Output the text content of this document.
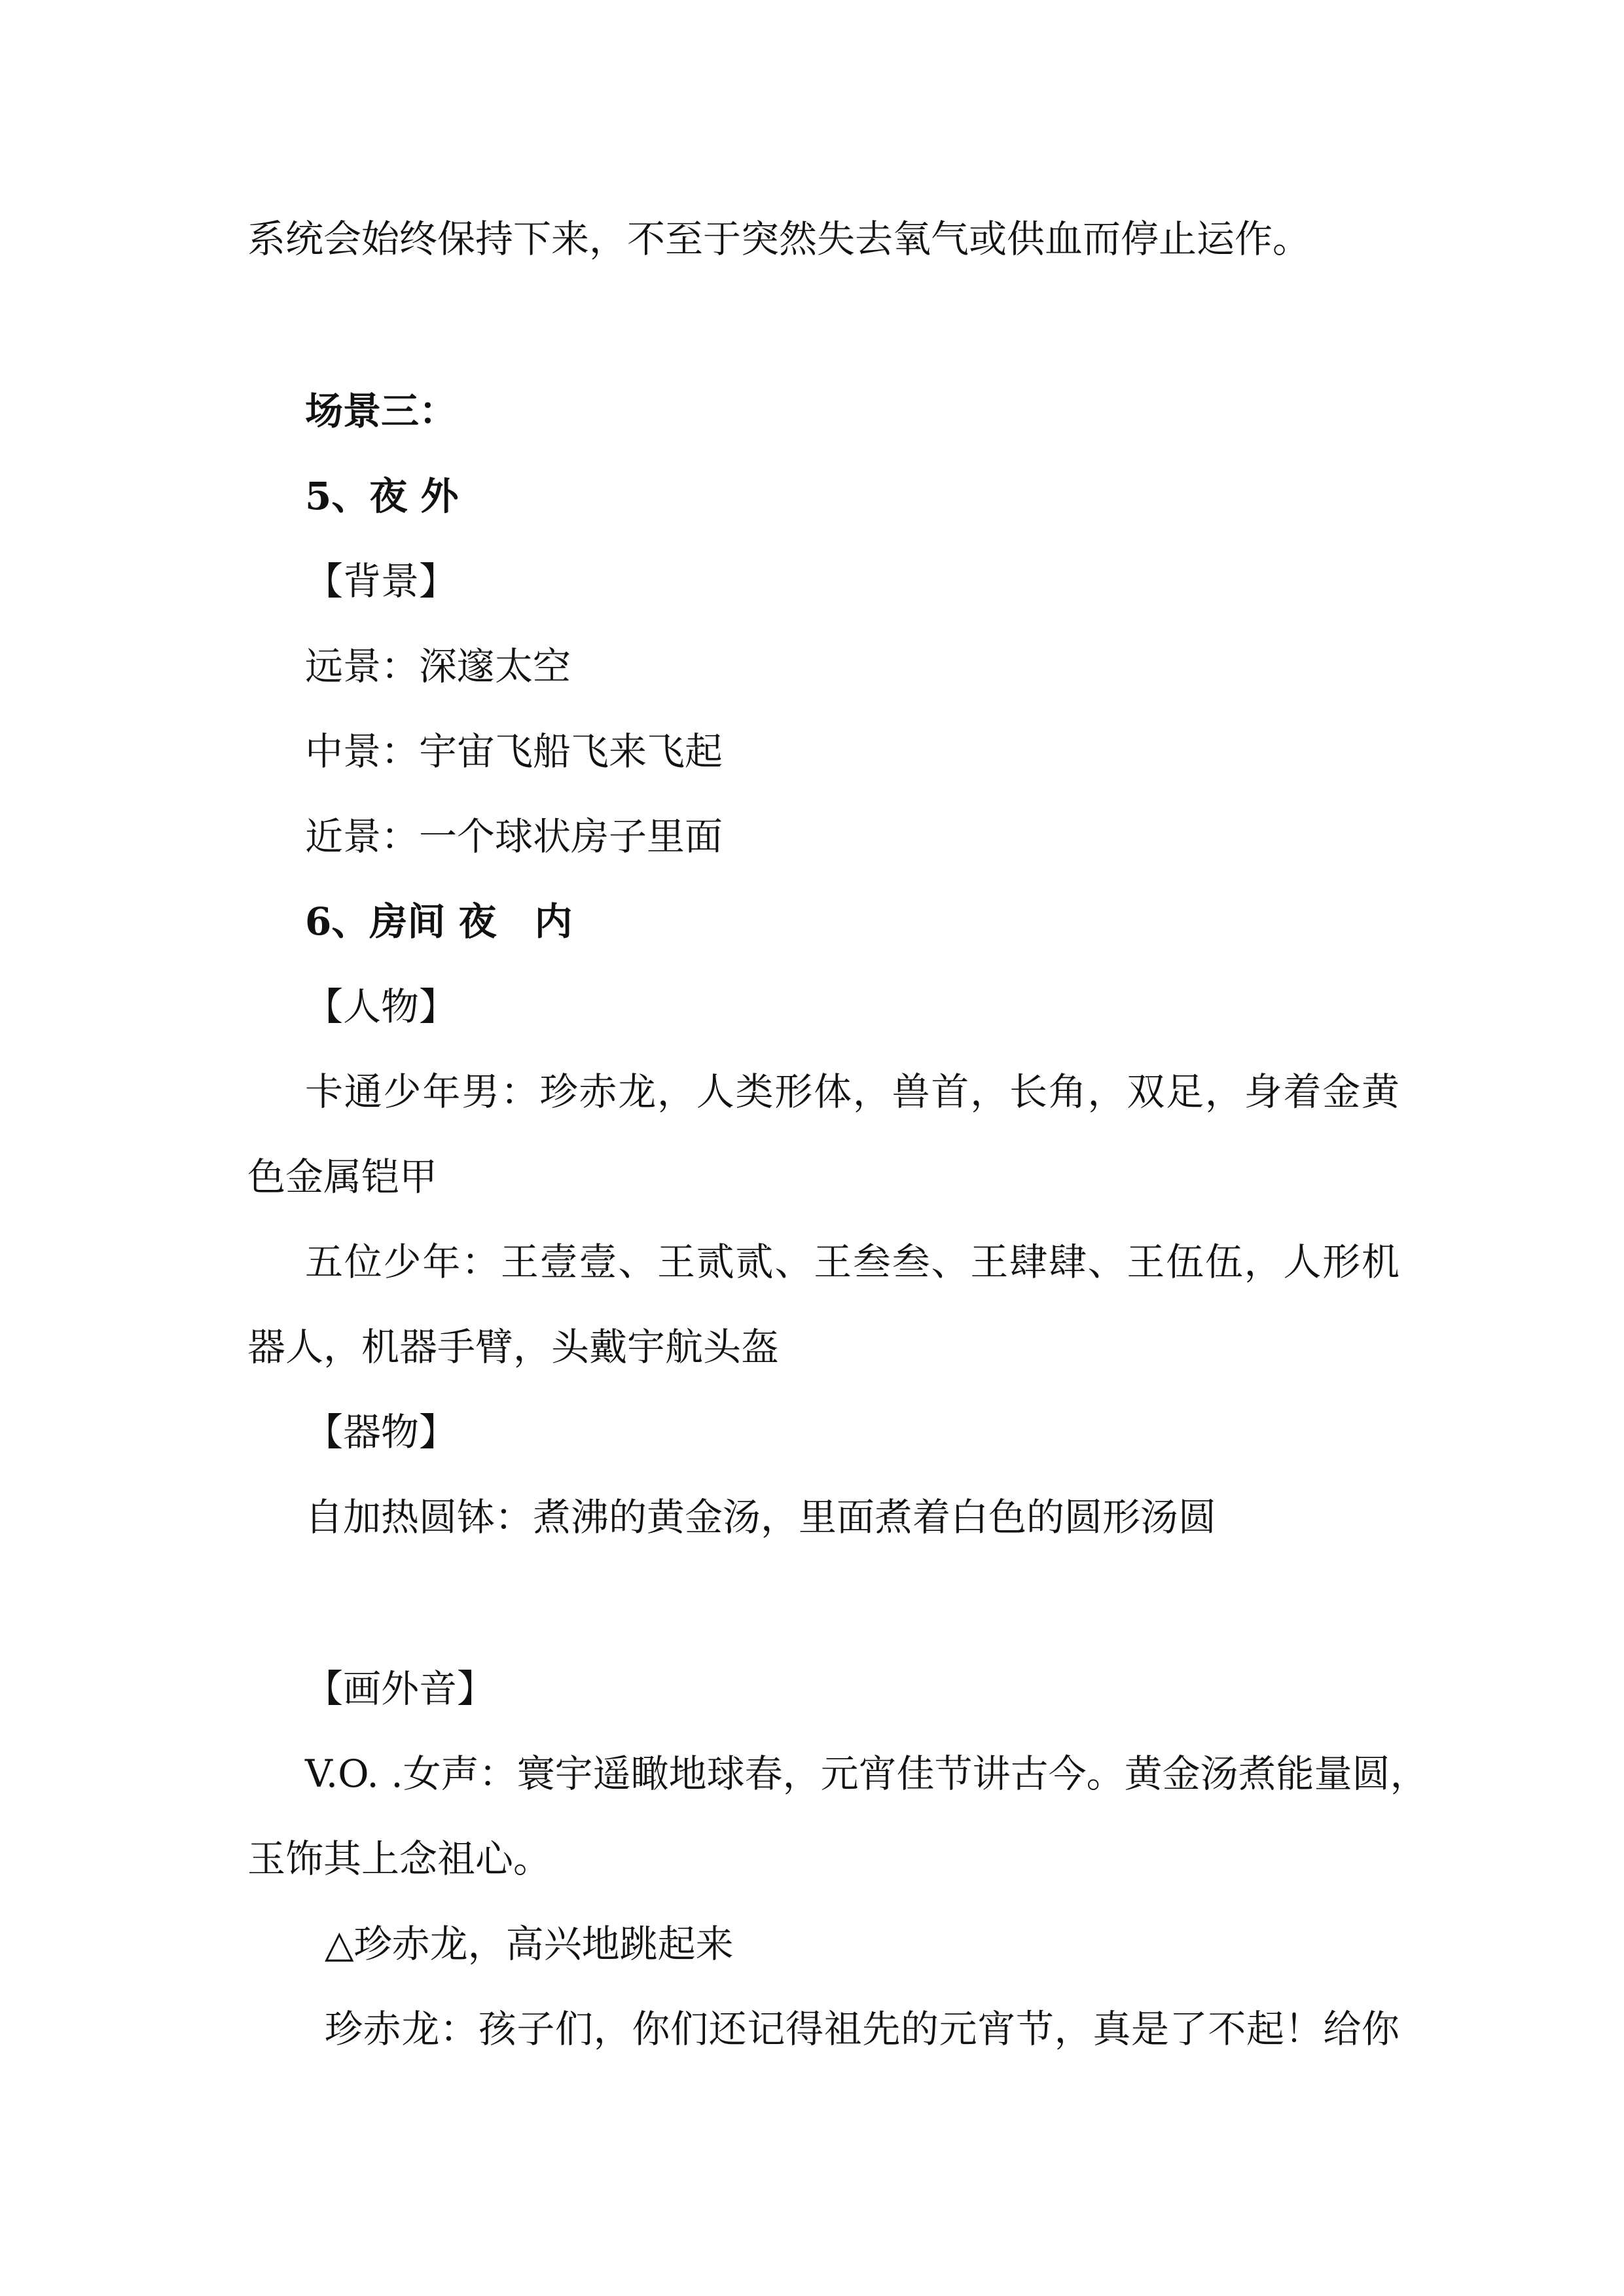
系统会始终保持下来，不至于突然失去氧气或供血而停止运作。
场景三：
5、夜 外
【背景】
远景：深邃太空
中景：宇宙飞船飞来飞起
近景：一个球状房子里面
6、房间 夜　内
【人物】
卡通少年男：珍赤龙，人类形体，兽首，长角，双足，身着金黄
色金属铠甲
五位少年：王壹壹、王贰贰、王叁叁、王肆肆、王伍伍，人形机
器人，机器手臂，头戴宇航头盔
【器物】
自加热圆钵：煮沸的黄金汤，里面煮着白色的圆形汤圆
【画外音】
V.O. .女声：寰宇遥瞰地球春，元宵佳节讲古今。黄金汤煮能量圆，
玉饰其上念祖心。
△珍赤龙，高兴地跳起来
珍赤龙：孩子们，你们还记得祖先的元宵节，真是了不起！给你
